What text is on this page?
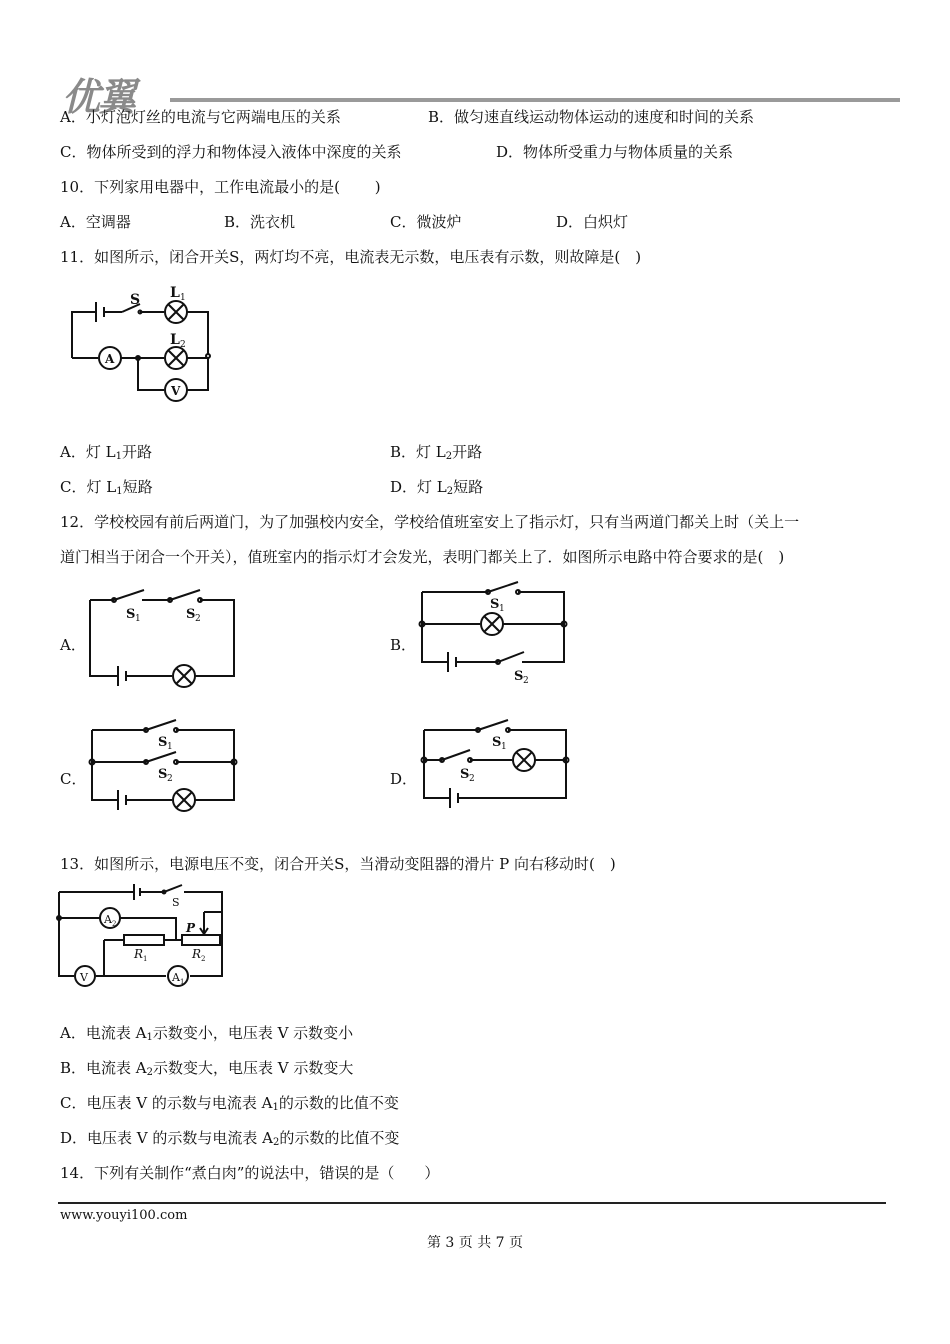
优翼
A．小灯泡灯丝的电流与它两端电压的关系	B．做匀速直线运动物体运动的速度和时间的关系
C．物体所受到的浮力和物体浸入液体中深度的关系	D．物体所受重力与物体质量的关系
10．下列家用电器中，工作电流最小的是(　　 )
A．空调器	B．洗衣机	C．微波炉	D．白炽灯
11．如图所示，闭合开关S，两灯均不亮，电流表无示数，电压表有示数，则故障是(　)
S L 1
A
L 2
V
A．灯 $L_1$开路	B．灯 $L_2$开路
C．灯 $L_1$短路	D．灯 $L_2$短路
12．学校校园有前后两道门，为了加强校内安全，学校给值班室安上了指示灯，只有当两道门都关上时（关上一
道门相当于闭合一个开关），值班室内的指示灯才会发光，表明门都关上了．如图所示电路中符合要求的是(　)
A．
S 1	S 2
B．
S 1
S 2
C．
S 1
S 2	D．
S 1
S 2
13．如图所示，电源电压不变，闭合开关S，当滑动变阻器的滑片 P 向右移动时(　)
S
A 2	P
R 1	R 2
V	A 1
A．电流表 $A_1$示数变小，电压表 V 示数变小
B．电流表 $A_2$示数变大，电压表 V 示数变大
C．电压表 V 的示数与电流表 $A_1$的示数的比值不变
D．电压表 V 的示数与电流表 $A_2$的示数的比值不变
14．下列有关制作“煮白肉”的说法中，错误的是（　　）
www.youyi100.com
第 3 页 共 7 页
